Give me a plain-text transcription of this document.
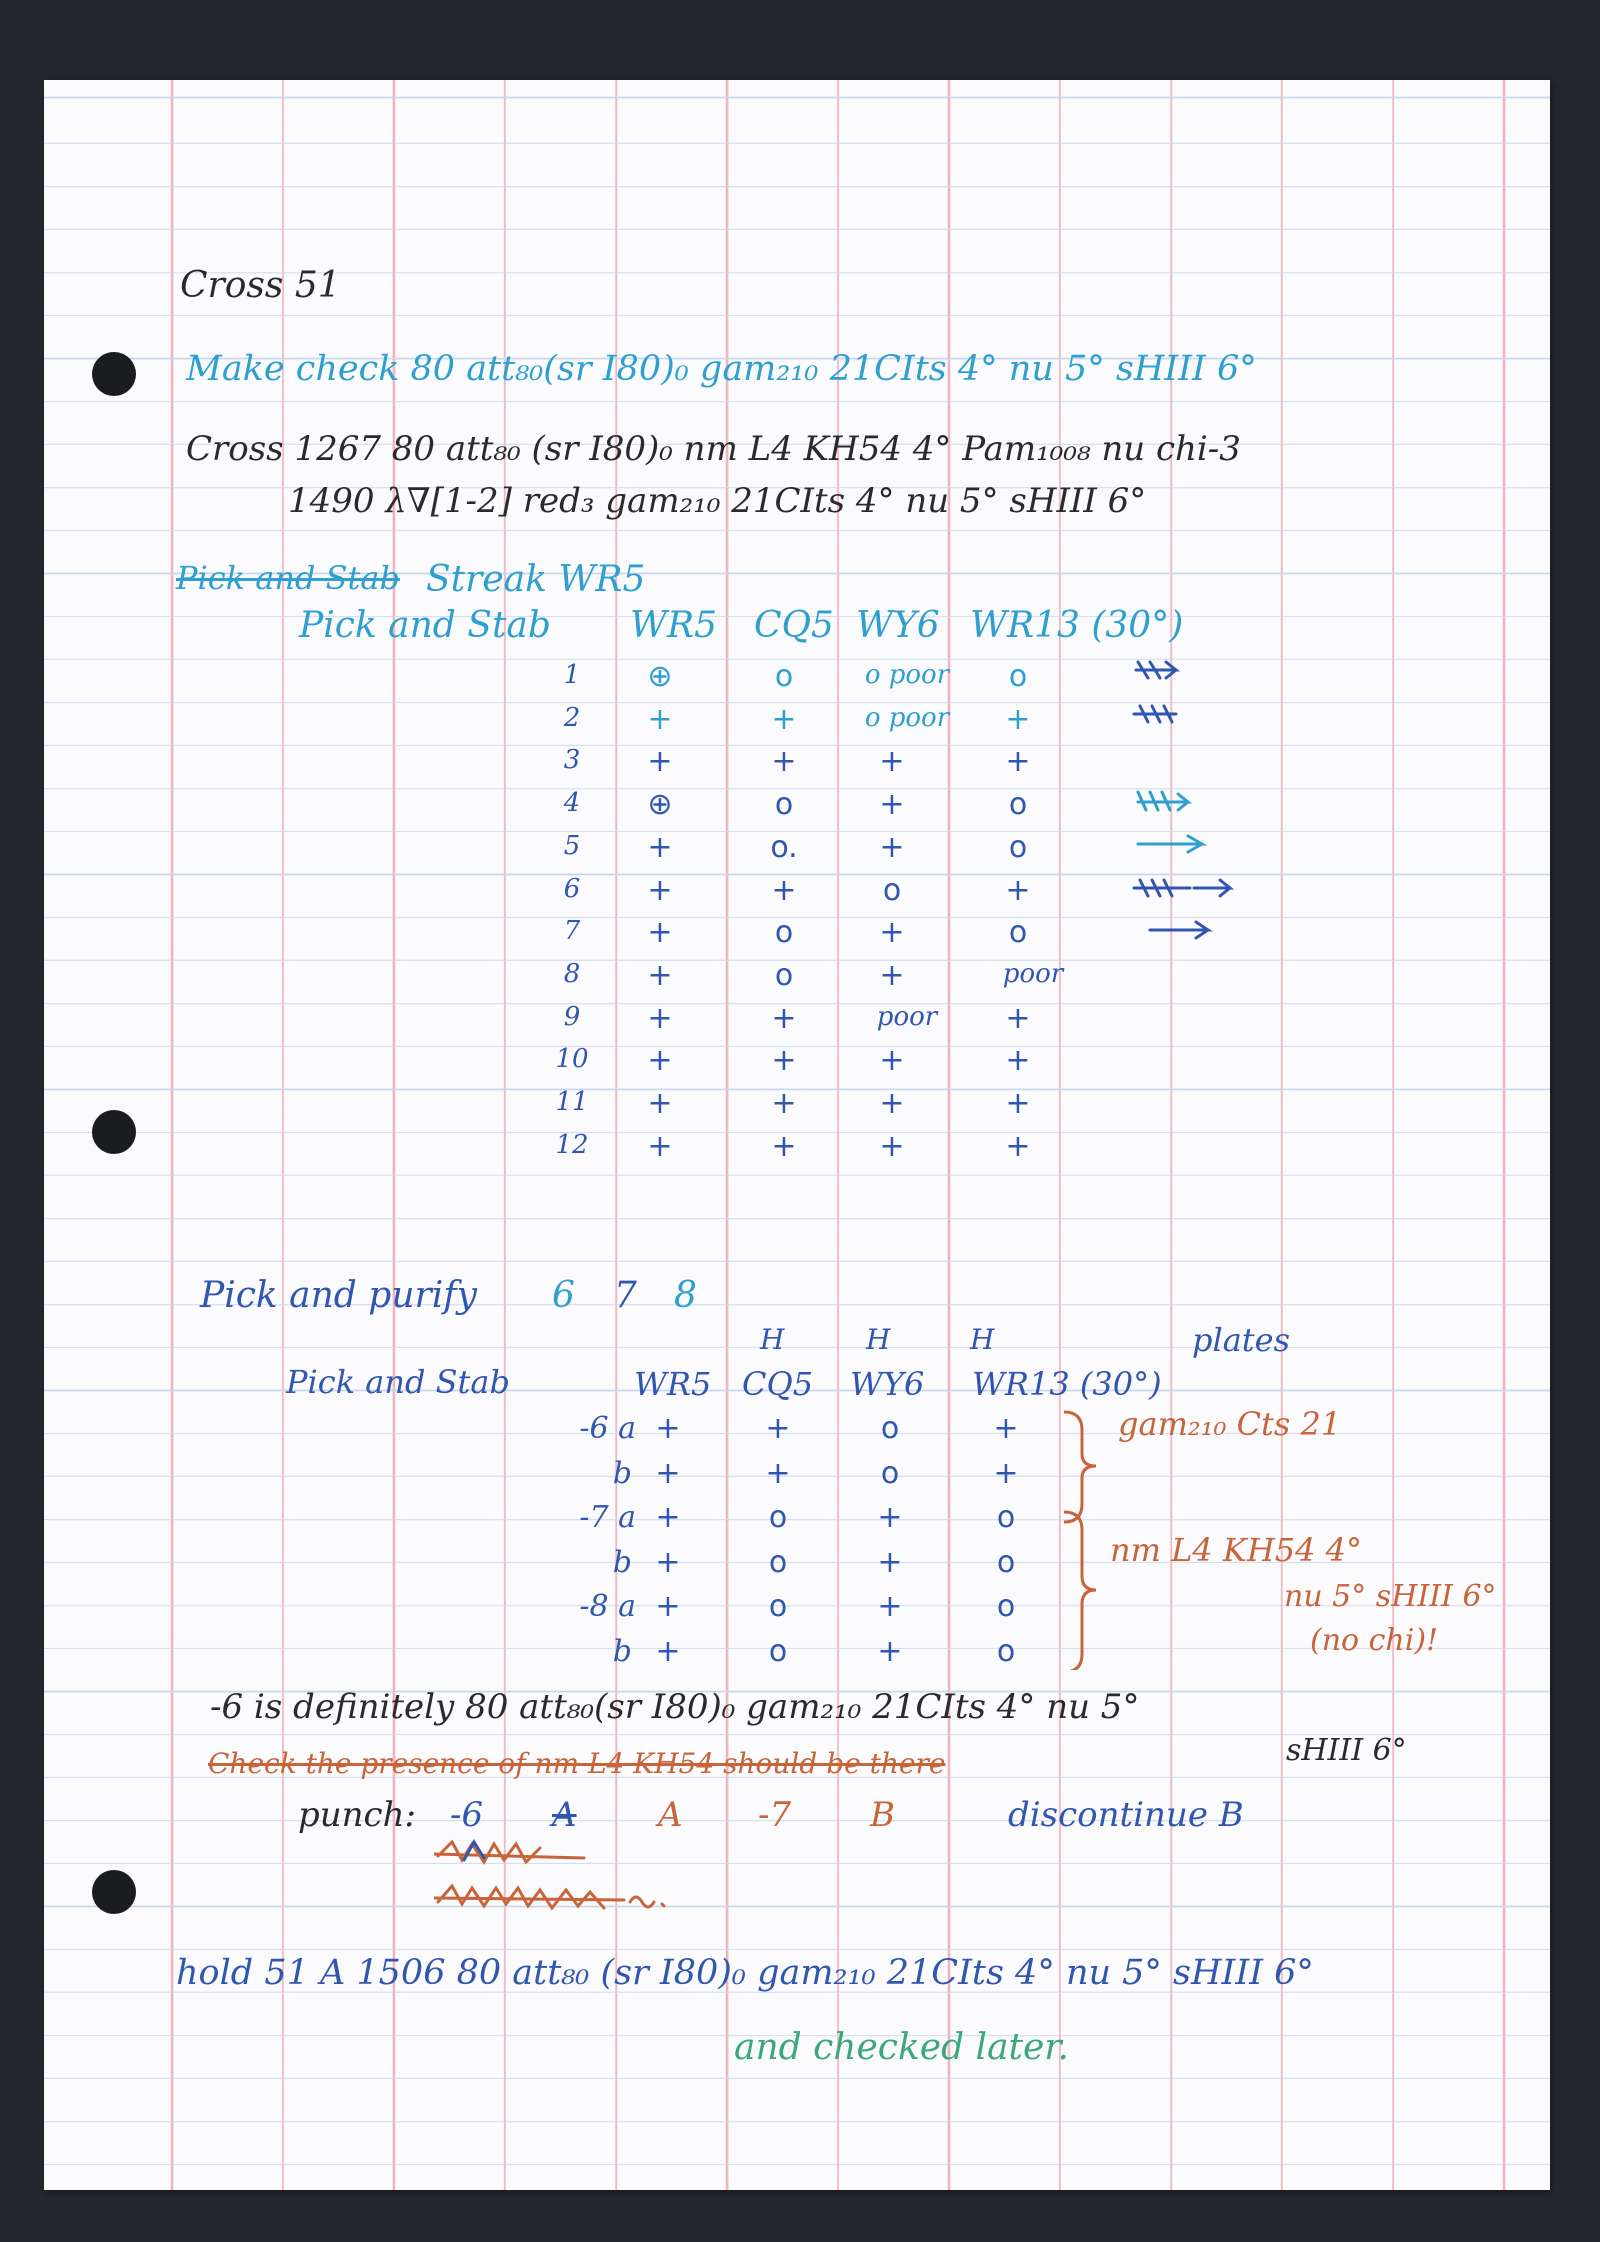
Cross 51
Make check 80 att₈₀(sr I80)₀ gam₂₁₀ 21CIts 4° nu 5° sHIII 6°
Cross 1267 80 att₈₀ (sr I80)₀ nm L4 KH54 4° Pam₁₀₀₈ nu chi-3
1490 λ∇[1-2] red₃ gam₂₁₀ 21CIts 4° nu 5° sHIII 6°
Pick and Stab Streak WR5
Pick and Stab WR5 CQ5 WY6 WR13 (30°)
1	⊕	o	o poor	o
2	+	+	o poor	+
3	+	+	+	+
4	⊕	o	+	o
5	+	o.	+	o
6	+	+	o	+
7	+	o	+	o
8	+	o	+	poor
9	+	+	poor	+
10	+	+	+	+
11	+	+	+	+
12	+	+	+	+
Pick and purify 6 7 8
H	H	H	plates
Pick and Stab	WR5 CQ5 WY6 WR13 (30°)
-6 a +	+	o	+
b +	+	o	+
-7 a +	o	+	o
b +	o	+	o
-8 a +	o	+	o
b +	o	+	o
gam₂₁₀ Cts 21
nm L4 KH54 4°
nu 5° sHIII 6°
(no chi)!
-6 is definitely 80 att₈₀(sr I80)₀ gam₂₁₀ 21CIts 4° nu 5°
sHIII 6°
Check the presence of nm L4 KH54 should be there
punch: -6 A A -7 B	discontinue B
hold 51 A 1506 80 att₈₀ (sr I80)₀ gam₂₁₀ 21CIts 4° nu 5° sHIII 6°
and checked later.
